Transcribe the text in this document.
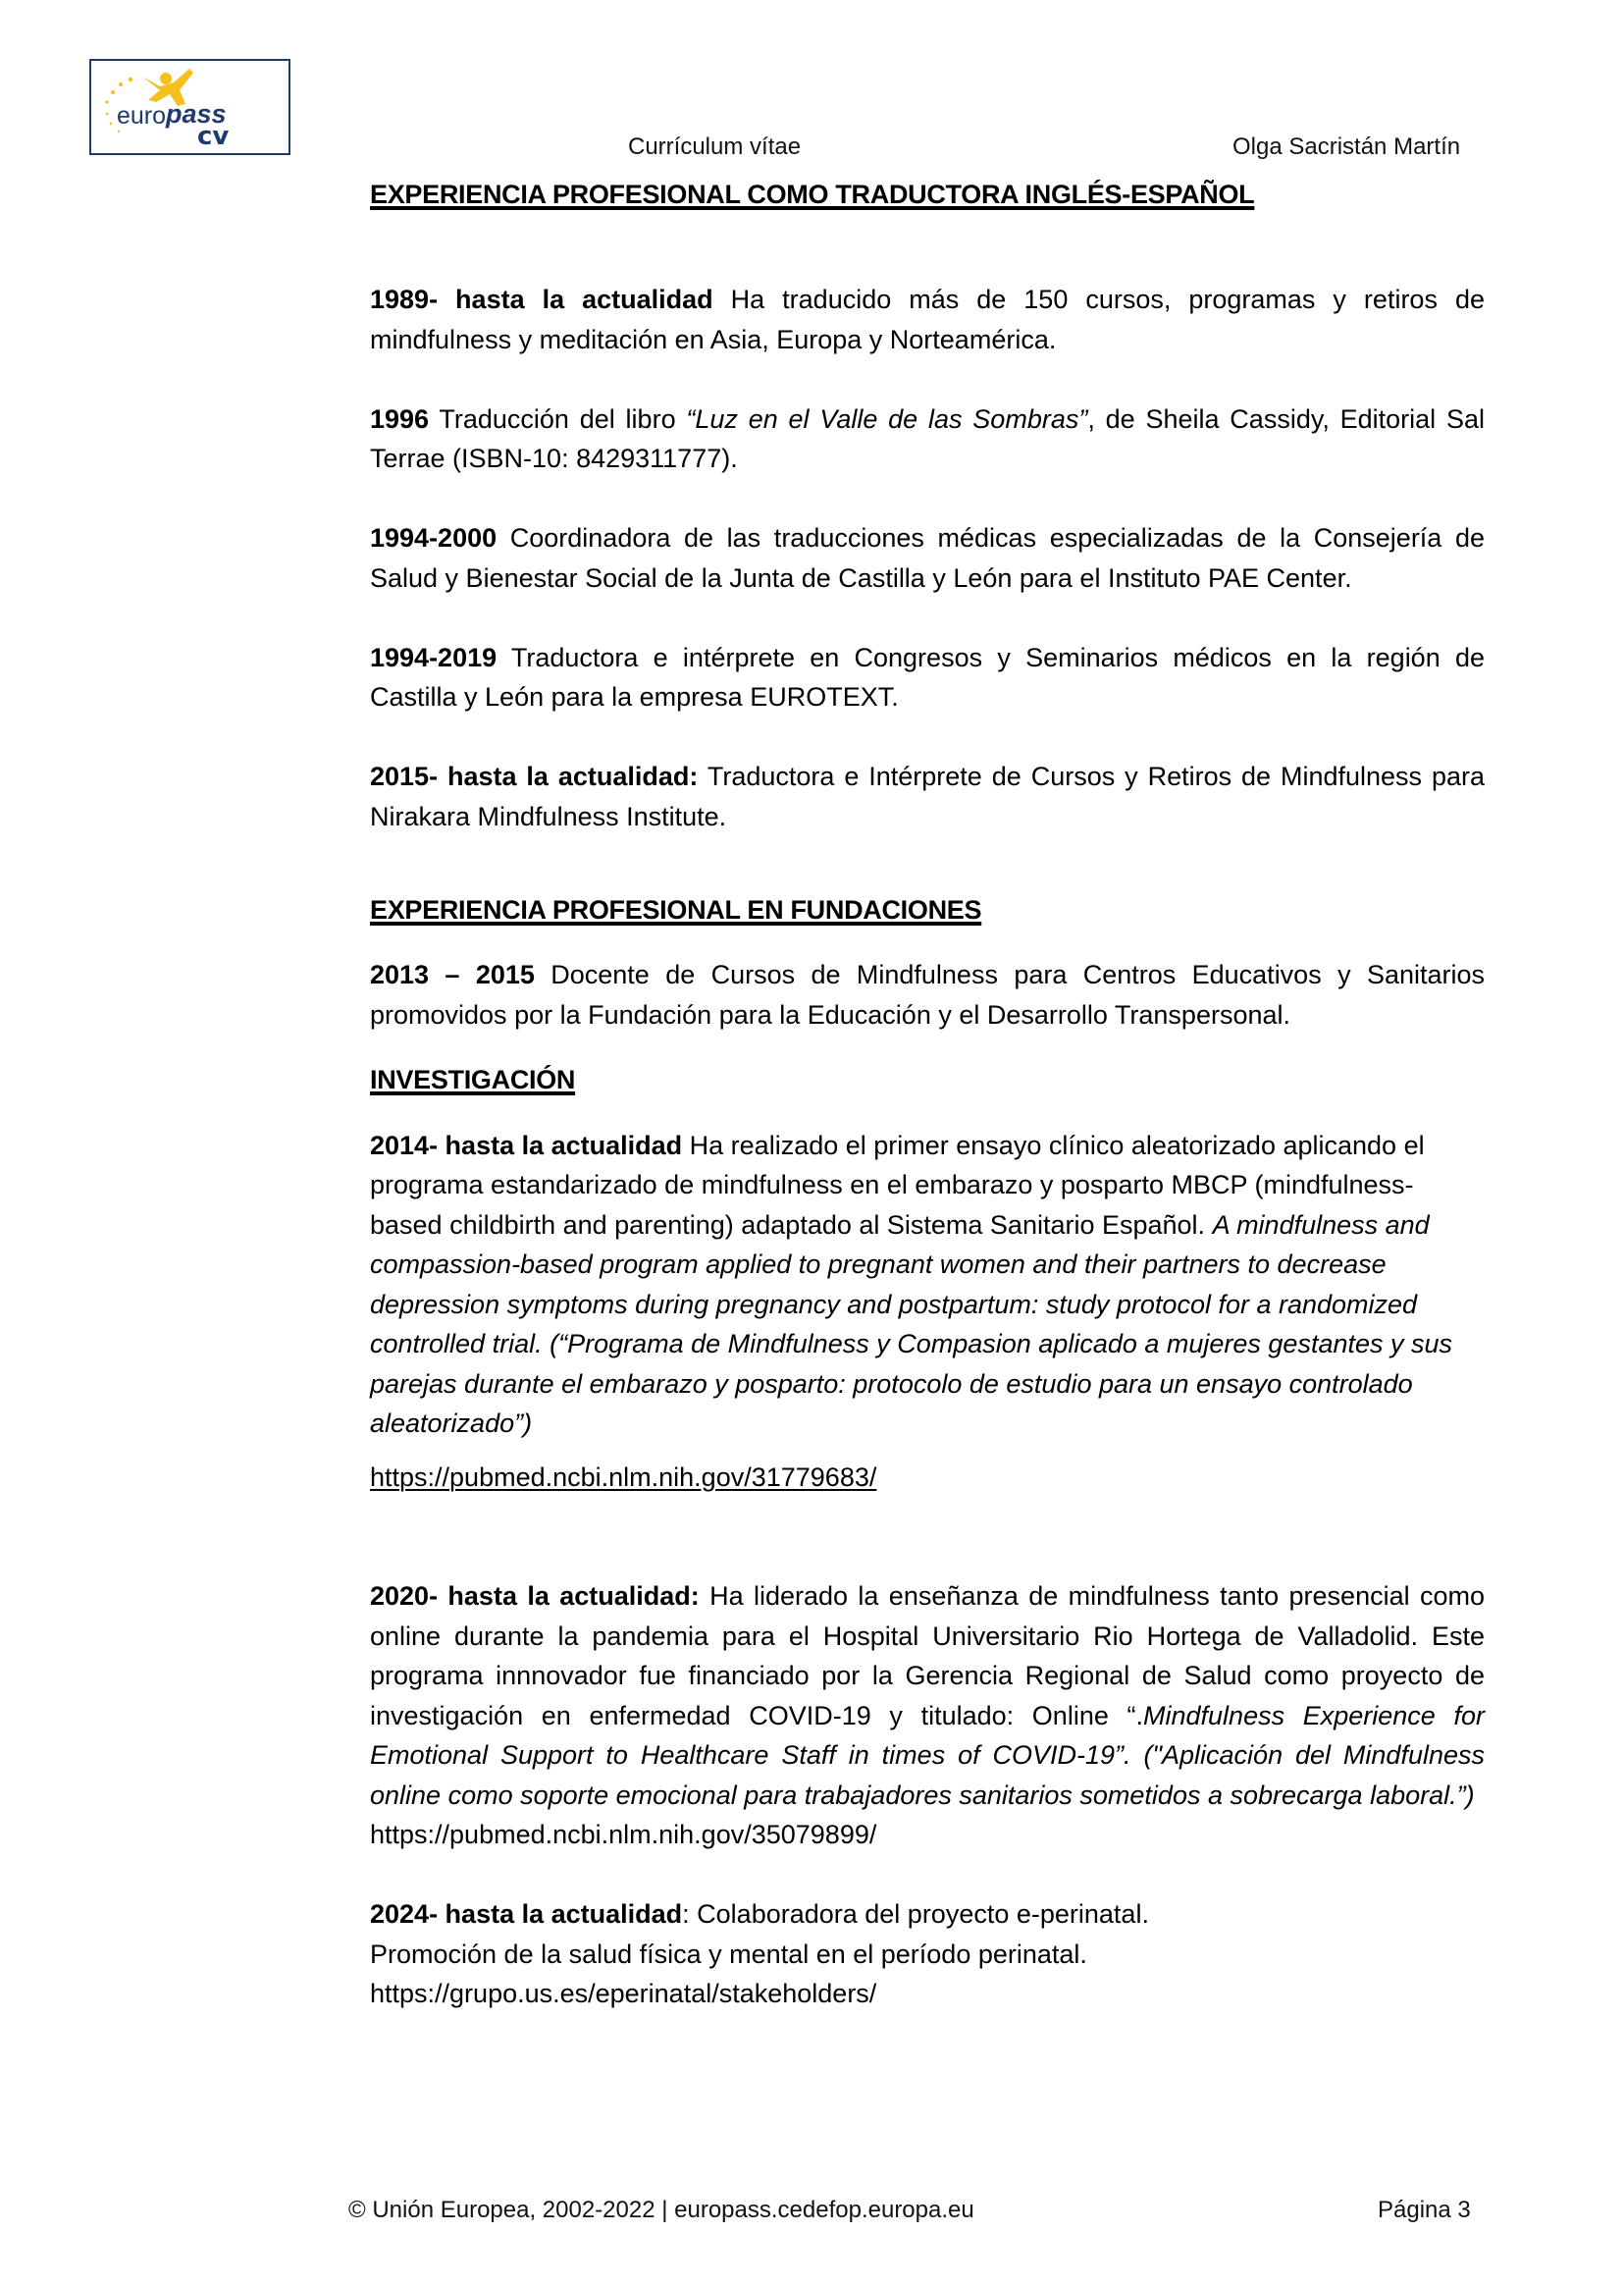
euro pass
cv	Currículum vítae	Olga Sacristán Martín

EXPERIENCIA PROFESIONAL COMO TRADUCTORA INGLÉS-ESPAÑOL

1989- hasta la actualidad Ha traducido más de 150 cursos, programas y retiros de mindfulness y meditación en Asia, Europa y Norteamérica.

1996 Traducción del libro “Luz en el Valle de las Sombras”, de Sheila Cassidy, Editorial Sal Terrae (ISBN-10: 8429311777).

1994-2000 Coordinadora de las traducciones médicas especializadas de la Consejería de Salud y Bienestar Social de la Junta de Castilla y León para el Instituto PAE Center.

1994-2019 Traductora e intérprete en Congresos y Seminarios médicos en la región de Castilla y León para la empresa EUROTEXT.

2015- hasta la actualidad: Traductora e Intérprete de Cursos y Retiros de Mindfulness para Nirakara Mindfulness Institute.

EXPERIENCIA PROFESIONAL EN FUNDACIONES

2013 – 2015 Docente de Cursos de Mindfulness para Centros Educativos y Sanitarios promovidos por la Fundación para la Educación y el Desarrollo Transpersonal.

INVESTIGACIÓN

2014- hasta la actualidad Ha realizado el primer ensayo clínico aleatorizado aplicando el programa estandarizado de mindfulness en el embarazo y posparto MBCP (mindfulness-based childbirth and parenting) adaptado al Sistema Sanitario Español. A mindfulness and compassion-based program applied to pregnant women and their partners to decrease depression symptoms during pregnancy and postpartum: study protocol for a randomized controlled trial. (“Programa de Mindfulness y Compasion aplicado a mujeres gestantes y sus parejas durante el embarazo y posparto: protocolo de estudio para un ensayo controlado aleatorizado”)

https://pubmed.ncbi.nlm.nih.gov/31779683/

2020- hasta la actualidad: Ha liderado la enseñanza de mindfulness tanto presencial como online durante la pandemia para el Hospital Universitario Rio Hortega de Valladolid. Este programa innnovador fue financiado por la Gerencia Regional de Salud como proyecto de investigación en enfermedad COVID-19 y titulado: Online “.Mindfulness Experience for Emotional Support to Healthcare Staff in times of COVID-19”. ("Aplicación del Mindfulness online como soporte emocional para trabajadores sanitarios sometidos a sobrecarga laboral.”)

https://pubmed.ncbi.nlm.nih.gov/35079899/

2024- hasta la actualidad: Colaboradora del proyecto e-perinatal.

Promoción de la salud física y mental en el período perinatal.

https://grupo.us.es/eperinatal/stakeholders/

© Unión Europea, 2002-2022 | europass.cedefop.europa.eu	Página 3
